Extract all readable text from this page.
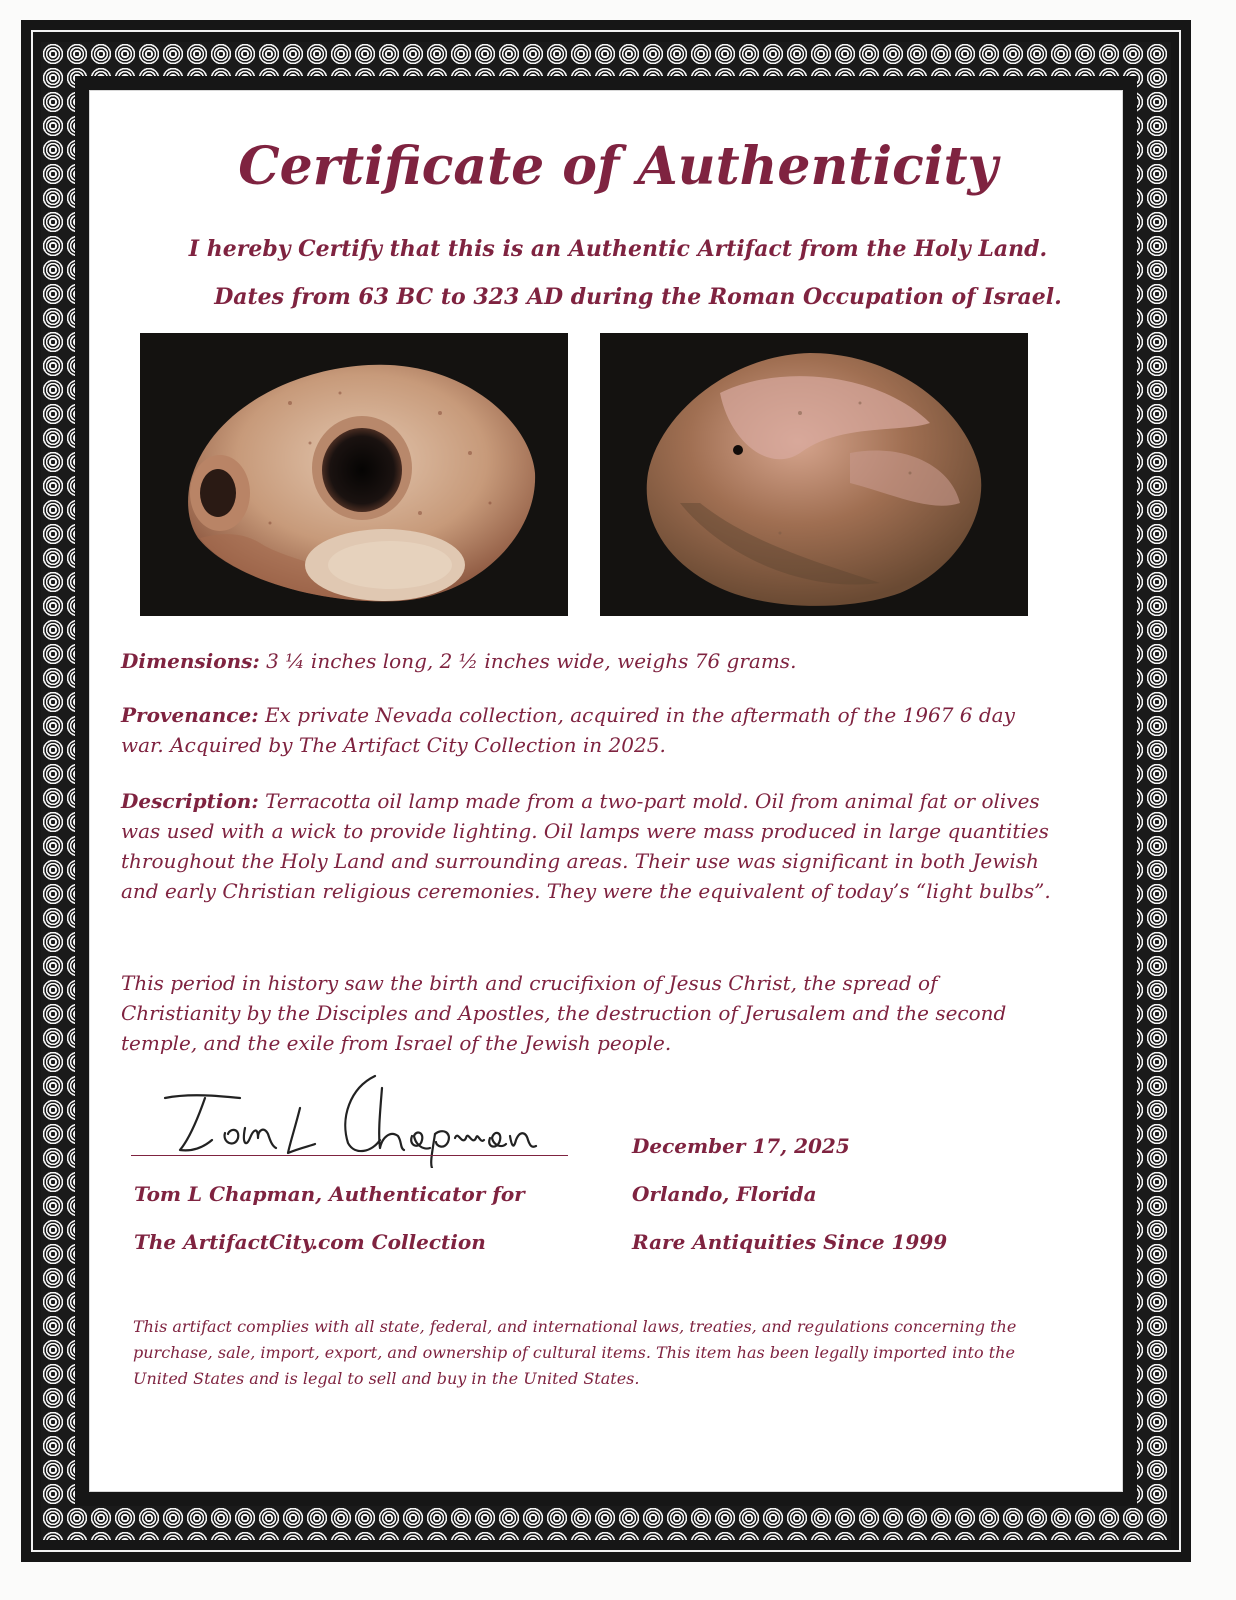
Certificate of Authenticity

I hereby Certify that this is an Authentic Artifact from the Holy Land.

Dates from 63 BC to 323 AD during the Roman Occupation of Israel.

Dimensions: 3 ¼ inches long, 2 ½ inches wide, weighs 76 grams.

Provenance: Ex private Nevada collection, acquired in the aftermath of the 1967 6 day war. Acquired by The Artifact City Collection in 2025.

Description: Terracotta oil lamp made from a two-part mold. Oil from animal fat or olives was used with a wick to provide lighting. Oil lamps were mass produced in large quantities throughout the Holy Land and surrounding areas. Their use was significant in both Jewish and early Christian religious ceremonies. They were the equivalent of today’s “light bulbs”.

This period in history saw the birth and crucifixion of Jesus Christ, the spread of Christianity by the Disciples and Apostles, the destruction of Jerusalem and the second temple, and the exile from Israel of the Jewish people.

Tom L Chapman, Authenticator for

The ArtifactCity.com Collection

December 17, 2025

Orlando, Florida

Rare Antiquities Since 1999

This artifact complies with all state, federal, and international laws, treaties, and regulations concerning the purchase, sale, import, export, and ownership of cultural items. This item has been legally imported into the United States and is legal to sell and buy in the United States.
